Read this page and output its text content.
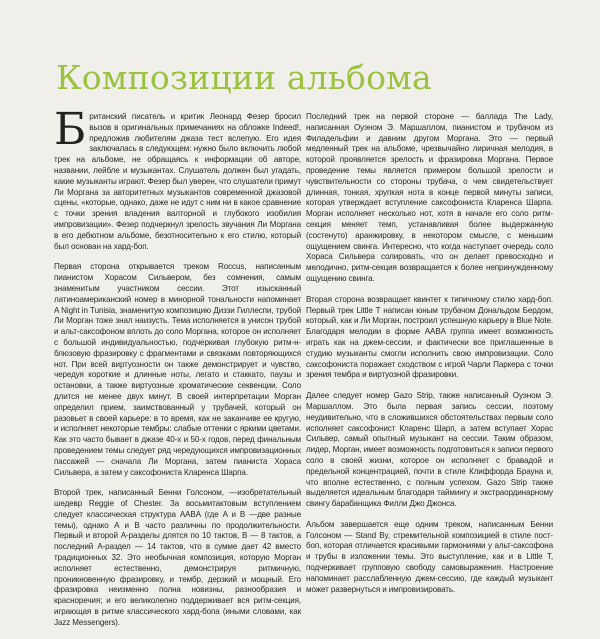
Композиции альбома

Британский писатель и критик Леонард Фезер бросил вызов в оригинальных примечаниях на обложке Indeed!, предложив любителям джаза тест вслепую. Его идея заключалась в следующем: нужно было включить любой трек на альбоме, не обращаясь к информации об авторе, названии, лейбле и музыкантах. Слушатель должен был угадать, какие музыканты играют. Фезер был уверен, что слушатели примут Ли Моргана за авторитетных музыкантов современной джазовой сцены, «которые, однако, даже не идут с ним ни в какое сравнение с точки зрения владения валторной и глубокого изобилия импровизации». Фезер подчеркнул зрелость звучания Ли Моргана в его дебютном альбоме, безотносительно к его стилю, который был основан на хард-боп.

Первая сторона открывается треком Roccus, написанным пианистом Хорасом Сильвером, без сомнения, самым знаменитым участником сессии. Этот изысканный латиноамериканский номер в минорной тональности напоминает A Night in Tunisia, знаменитую композицию Диззи Гиллеспи, трубой Ли Морган тоже знал наизусть. Тема исполняется в унисон трубой и альт-саксофоном вплоть до соло Моргана, которое он исполняет с большой индивидуальностью, подчеркивая глубокую ритм-н-блюзовую фразировку с фрагментами и связками повторяющихся нот. При всей виртуозности он также демонстрирует и чувство, чередуя короткие и длинные ноты, легато и стаккато, паузы и остановки, а также виртуозные хроматические секвенции. Соло длится не менее двух минут. В своей интерпретации Морган определил прием, заимствованный у трубачей, который он разовьет в своей карьере: в то время, как не заканчиве ее кругую, и исполняет некоторые тембры: слабые оттенки с яркими цветами. Как это часто бывает в джазе 40-х и 50-х годов, перед финальным проведением темы следует ряд чередующихся импровизационных пассажей — сначала Ли Моргана, затем пианиста Хораса Сильвера, а затем у саксофониста Кларенса Шарпа.

Второй трек, написанный Бенни Голсоном, —изобретательный шедевр Reggie of Chester. За восьмитактовым вступлением следует классическая структура AABA (где A и B —две разные темы), однако A и B часто различны по продолжительности. Первый и второй A-разделы длятся по 10 тактов, B — 8 тактов, а последний A-раздел — 14 тактов, что в сумме дает 42 вместо традиционных 32. Это необычная композиция, которую Морган исполняет естественно, демонстрируя ритмичную, проникновенную фразировку, и тембр, дерзкий и мощный. Его фразировка неизменно полна новизны, разнообразия и красноречия; и его великолепно поддерживает вся ритм-секция, играющая в ритме классического хард-бопа (иными словами, как Jazz Messengers).

Последний трек на первой стороне — баллада The Lady, написанная Оуэном Э. Маршаллом, пианистом и трубачом из Филадельфии и давним другом Моргана. Это — первый медленный трек на альбоме, чрезвычайно лиричная мелодия, в которой проявляется зрелость и фразировка Моргана. Первое проведение темы является примером большой зрелости и чувствительности со стороны трубача, о чем свидетельствует длинная, тонкая, хрупкая нота в конце первой минуты записи, которая утверждает вступление саксофониста Кларенса Шарпа. Морган исполняет несколько нот, хотя в начале его соло ритм-секция меняет темп, устанавливая более выдержанную (состенуто) аранжировку, в некотором смысле, с меньшим ощущением свинга. Интересно, что когда наступает очередь соло Хораса Сильвера солировать, что он делает превосходно и мелодично, ритм-секция возвращается к более непринужденному ощущению свинга.

Вторая сторона возвращает квинтет к типичному стилю хард-боп. Первый трек Little T написан юным трубачом Дональдом Бердом, который, как и Ли Морган, построил успешную карьеру в Blue Note. Благодаря мелодии в форме AABA группа имеет возможность играть как на джем-сессии, и фактически все приглашенные в студию музыканты смогли исполнить свою импровизации. Соло саксофониста поражает сходством с игрой Чарли Паркера с точки зрения тембра и виртуозной фразировки.

Далее следует номер Gazo Strip, также написанный Оуэном Э. Маршаллом. Это была первая запись сессии, поэтому неудивительно, что в сложившихся обстоятельствах первым соло исполняет саксофонист Кларенс Шарп, а затем вступает Хорас Сильвер, самый опытный музыкант на сессии. Таким образом, лидер, Морган, имеет возможность подготовиться к записи первого соло в своей жизни, которое он исполняет с бравадой и предельной концентрацией, почти в стиле Клиффорда Брауна и, что вполне естественно, с полным успехом. Gazo Strip также выделяется идеальным благодаря таймингу и экстраординарному свингу барабанщика Филли Джо Джонса.

Альбом завершается еще одним треком, написанным Бенни Голсоном — Stand By, стремительной композицией в стиле пост-боп, которая отличается красивыми гармониями у альт-саксофона и трубы в изложении темы. Это выступление, как и в Little T, подчеркивает групповую свободу самовыражения. Настроение напоминает расслабленную джем-сессию, где каждый музыкант может развернуться и импровизировать.
